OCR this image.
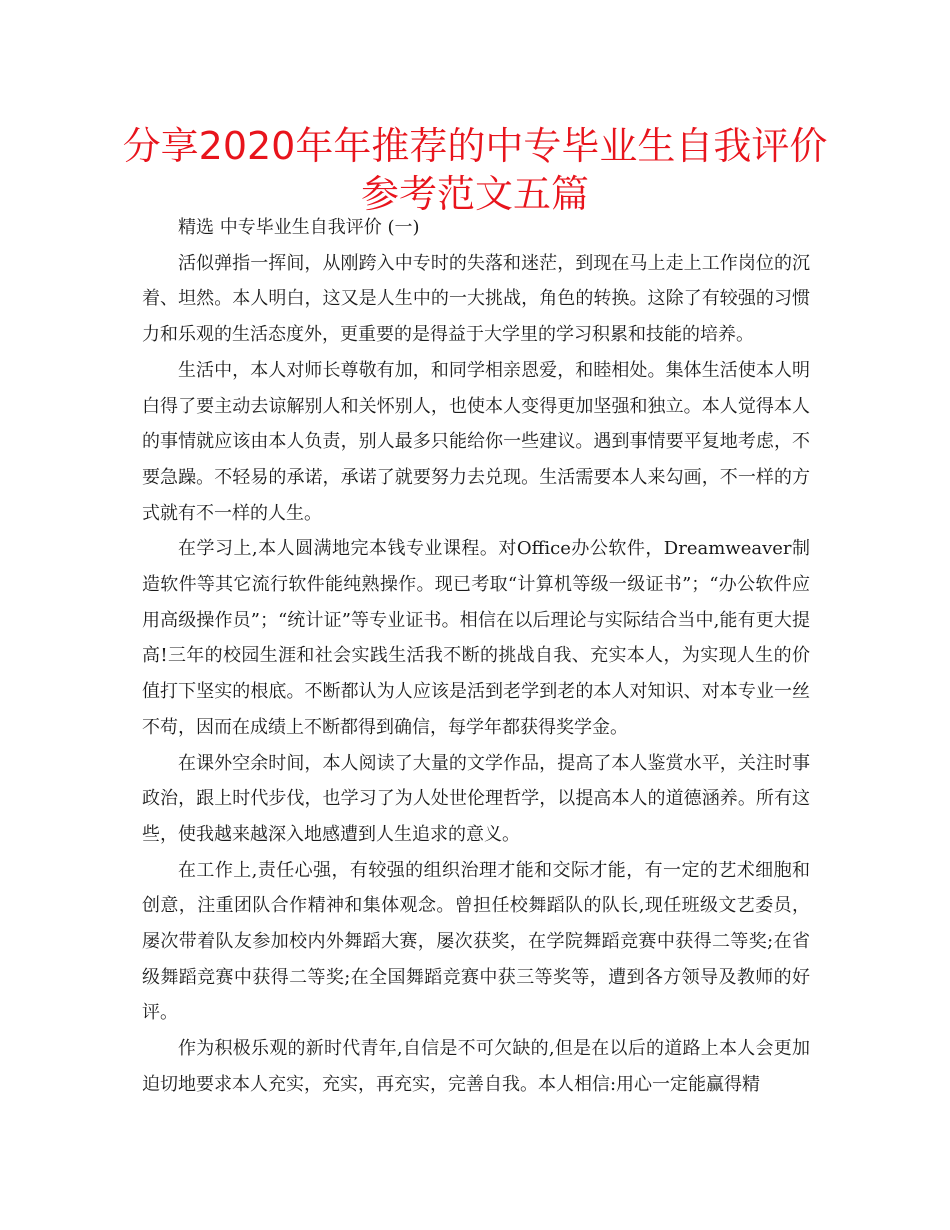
分享2020年年推荐的中专毕业生自我评价
参考范文五篇

精选 中专毕业生自我评价 (一)

活似弹指一挥间，从刚跨入中专时的失落和迷茫，到现在马上走上工作岗位的沉着、坦然。本人明白，这又是人生中的一大挑战，角色的转换。这除了有较强的习惯力和乐观的生活态度外，更重要的是得益于大学里的学习积累和技能的培养。

生活中，本人对师长尊敬有加，和同学相亲恩爱，和睦相处。集体生活使本人明白得了要主动去谅解别人和关怀别人，也使本人变得更加坚强和独立。本人觉得本人的事情就应该由本人负责，别人最多只能给你一些建议。遇到事情要平复地考虑，不要急躁。不轻易的承诺，承诺了就要努力去兑现。生活需要本人来勾画，不一样的方式就有不一样的人生。

在学习上,本人圆满地完本钱专业课程。对Office办公软件，Dreamweaver制造软件等其它流行软件能纯熟操作。现已考取“计算机等级一级证书”；“办公软件应用高级操作员”；“统计证”等专业证书。相信在以后理论与实际结合当中,能有更大提高!三年的校园生涯和社会实践生活我不断的挑战自我、充实本人，为实现人生的价值打下坚实的根底。不断都认为人应该是活到老学到老的本人对知识、对本专业一丝不苟，因而在成绩上不断都得到确信，每学年都获得奖学金。

在课外空余时间，本人阅读了大量的文学作品，提高了本人鉴赏水平，关注时事政治，跟上时代步伐，也学习了为人处世伦理哲学，以提高本人的道德涵养。所有这些，使我越来越深入地感遭到人生追求的意义。

在工作上,责任心强，有较强的组织治理才能和交际才能，有一定的艺术细胞和创意，注重团队合作精神和集体观念。曾担任校舞蹈队的队长,现任班级文艺委员，屡次带着队友参加校内外舞蹈大赛，屡次获奖，在学院舞蹈竞赛中获得二等奖;在省级舞蹈竞赛中获得二等奖;在全国舞蹈竞赛中获三等奖等，遭到各方领导及教师的好评。

作为积极乐观的新时代青年,自信是不可欠缺的,但是在以后的道路上本人会更加迫切地要求本人充实，充实，再充实，完善自我。本人相信:用心一定能赢得精
